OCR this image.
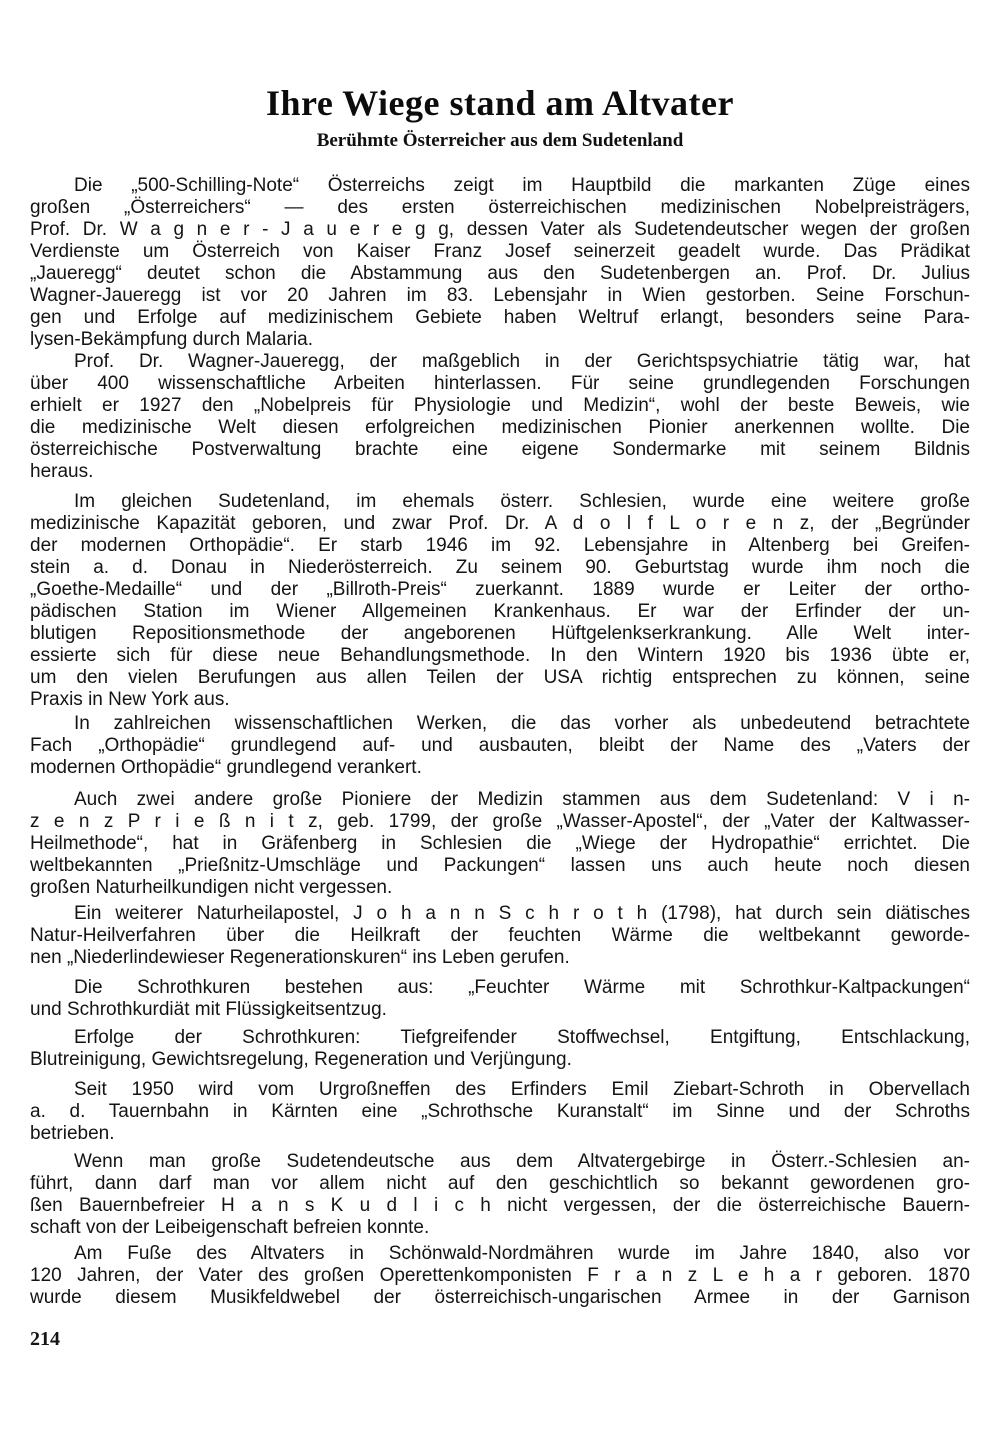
Ihre Wiege stand am Altvater
Berühmte Österreicher aus dem Sudetenland
Die „500-Schilling-Note“ Österreichs zeigt im Hauptbild die markanten Züge eines
großen „Österreichers“ — des ersten österreichischen medizinischen Nobelpreisträgers,
Prof. Dr. W a g n e r - J a u e r e g g, dessen Vater als Sudetendeutscher wegen der großen
Verdienste um Österreich von Kaiser Franz Josef seinerzeit geadelt wurde. Das Prädikat
„Jaueregg“ deutet schon die Abstammung aus den Sudetenbergen an. Prof. Dr. Julius
Wagner-Jaueregg ist vor 20 Jahren im 83. Lebensjahr in Wien gestorben. Seine Forschun-
gen und Erfolge auf medizinischem Gebiete haben Weltruf erlangt, besonders seine Para-
lysen-Bekämpfung durch Malaria.
Prof. Dr. Wagner-Jaueregg, der maßgeblich in der Gerichtspsychiatrie tätig war, hat
über 400 wissenschaftliche Arbeiten hinterlassen. Für seine grundlegenden Forschungen
erhielt er 1927 den „Nobelpreis für Physiologie und Medizin“, wohl der beste Beweis, wie
die medizinische Welt diesen erfolgreichen medizinischen Pionier anerkennen wollte. Die
österreichische Postverwaltung brachte eine eigene Sondermarke mit seinem Bildnis
heraus.
Im gleichen Sudetenland, im ehemals österr. Schlesien, wurde eine weitere große
medizinische Kapazität geboren, und zwar Prof. Dr. A d o l f L o r e n z, der „Begründer
der modernen Orthopädie“. Er starb 1946 im 92. Lebensjahre in Altenberg bei Greifen-
stein a. d. Donau in Niederösterreich. Zu seinem 90. Geburtstag wurde ihm noch die
„Goethe-Medaille“ und der „Billroth-Preis“ zuerkannt. 1889 wurde er Leiter der ortho-
pädischen Station im Wiener Allgemeinen Krankenhaus. Er war der Erfinder der un-
blutigen Repositionsmethode der angeborenen Hüftgelenkserkrankung. Alle Welt inter-
essierte sich für diese neue Behandlungsmethode. In den Wintern 1920 bis 1936 übte er,
um den vielen Berufungen aus allen Teilen der USA richtig entsprechen zu können, seine
Praxis in New York aus.
In zahlreichen wissenschaftlichen Werken, die das vorher als unbedeutend betrachtete
Fach „Orthopädie“ grundlegend auf- und ausbauten, bleibt der Name des „Vaters der
modernen Orthopädie“ grundlegend verankert.
Auch zwei andere große Pioniere der Medizin stammen aus dem Sudetenland: V i n-
z e n z P r i e ß n i t z, geb. 1799, der große „Wasser-Apostel“, der „Vater der Kaltwasser-
Heilmethode“, hat in Gräfenberg in Schlesien die „Wiege der Hydropathie“ errichtet. Die
weltbekannten „Prießnitz-Umschläge und Packungen“ lassen uns auch heute noch diesen
großen Naturheilkundigen nicht vergessen.
Ein weiterer Naturheilapostel, J o h a n n S c h r o t h (1798), hat durch sein diätisches
Natur-Heilverfahren über die Heilkraft der feuchten Wärme die weltbekannt geworde-
nen „Niederlindewieser Regenerationskuren“ ins Leben gerufen.
Die Schrothkuren bestehen aus: „Feuchter Wärme mit Schrothkur-Kaltpackungen“
und Schrothkurdiät mit Flüssigkeitsentzug.
Erfolge der Schrothkuren: Tiefgreifender Stoffwechsel, Entgiftung, Entschlackung,
Blutreinigung, Gewichtsregelung, Regeneration und Verjüngung.
Seit 1950 wird vom Urgroßneffen des Erfinders Emil Ziebart-Schroth in Obervellach
a. d. Tauernbahn in Kärnten eine „Schrothsche Kuranstalt“ im Sinne und der Schroths
betrieben.
Wenn man große Sudetendeutsche aus dem Altvatergebirge in Österr.-Schlesien an-
führt, dann darf man vor allem nicht auf den geschichtlich so bekannt gewordenen gro-
ßen Bauernbefreier H a n s K u d l i c h nicht vergessen, der die österreichische Bauern-
schaft von der Leibeigenschaft befreien konnte.
Am Fuße des Altvaters in Schönwald-Nordmähren wurde im Jahre 1840, also vor
120 Jahren, der Vater des großen Operettenkomponisten F r a n z L e h a r geboren. 1870
wurde diesem Musikfeldwebel der österreichisch-ungarischen Armee in der Garnison
214
